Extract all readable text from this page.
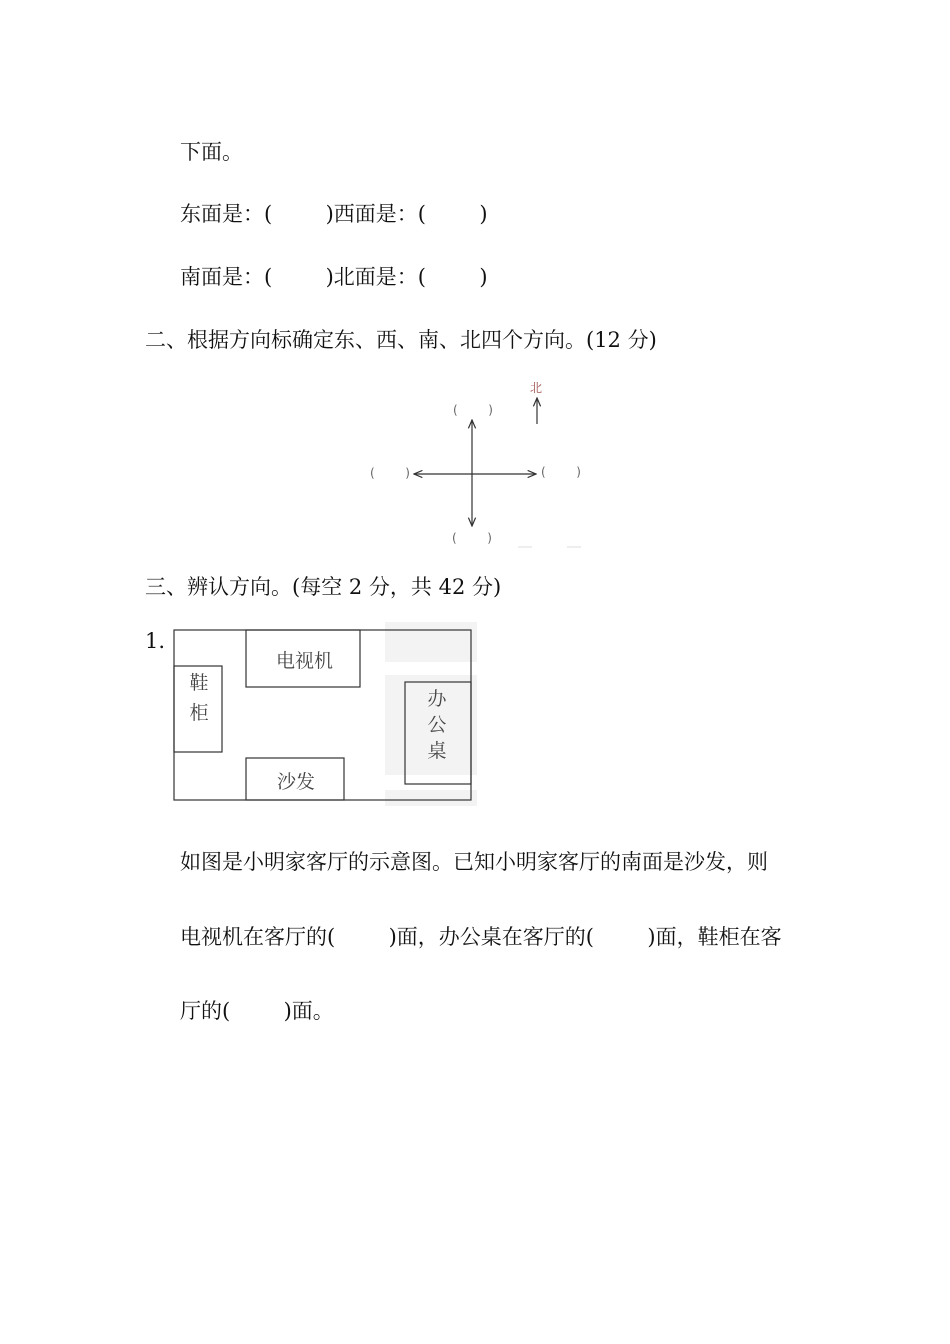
下面。
东面是：(        )西面是：(        )
南面是：(        )北面是：(        )
二、根据方向标确定东、西、南、北四个方向。(12 分)
北
(        )
(        )	(        )
(        )
三、辨认方向。(每空 2 分，共 42 分)
1.
电视机
鞋柜
办公桌
沙发
如图是小明家客厅的示意图。已知小明家客厅的南面是沙发，则
电视机在客厅的(        )面，办公桌在客厅的(        )面，鞋柜在客
厅的(        )面。
